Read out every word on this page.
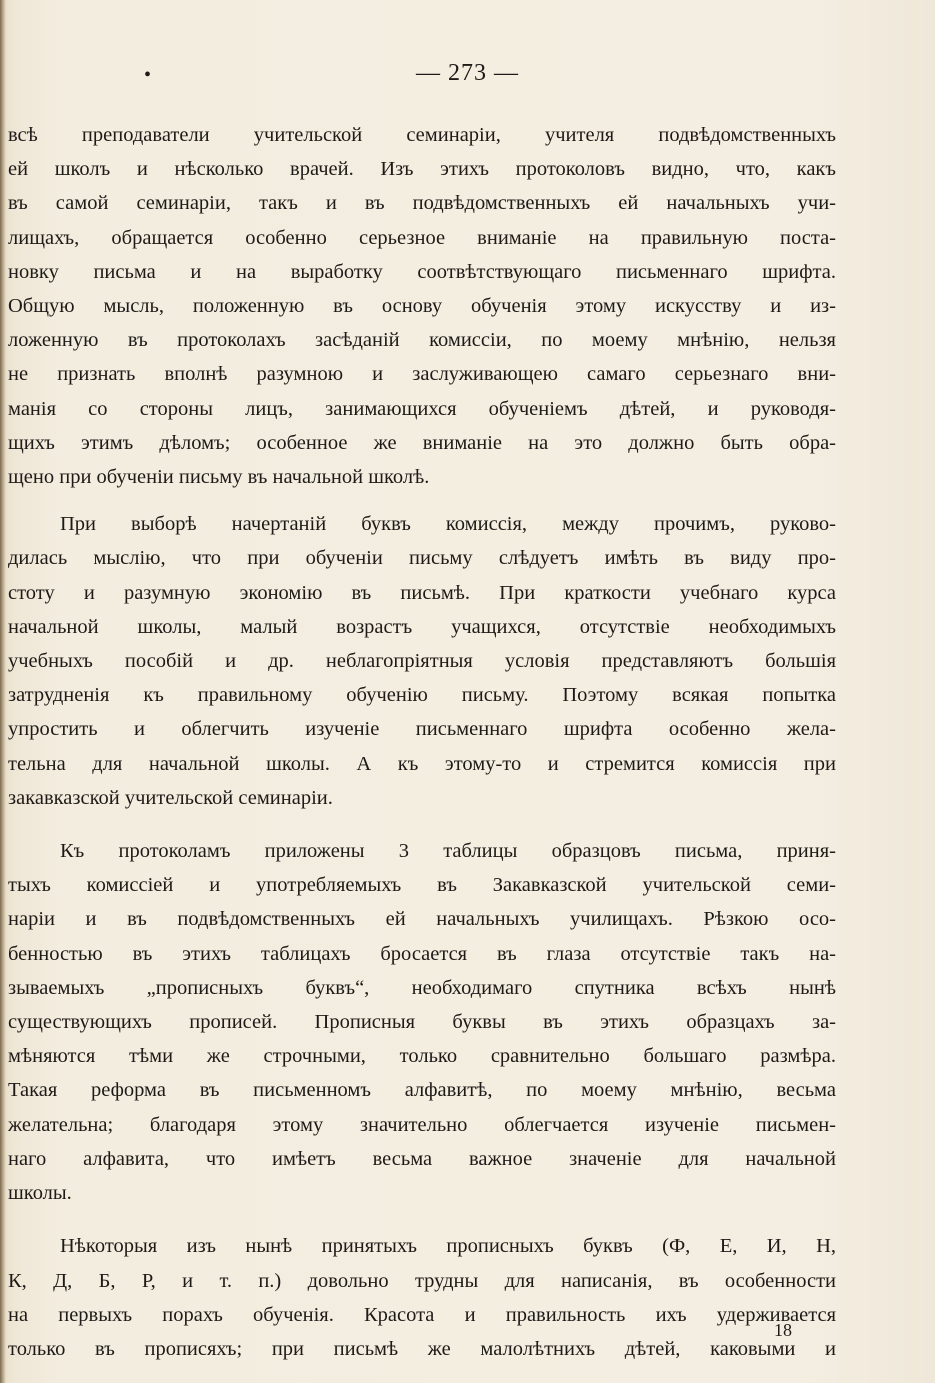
•	— 273 —
всѣ преподаватели учительской семинаріи, учителя подвѣдомственныхъ
ей школъ и нѣсколько врачей. Изъ этихъ протоколовъ видно, что, какъ
въ самой семинаріи, такъ и въ подвѣдомственныхъ ей начальныхъ учи-
лищахъ, обращается особенно серьезное вниманіе на правильную поста-
новку письма и на выработку соотвѣтствующаго письменнаго шрифта.
Общую мысль, положенную въ основу обученія этому искусству и из-
ложенную въ протоколахъ засѣданій комиссіи, по моему мнѣнію, нельзя
не признать вполнѣ разумною и заслуживающею самаго серьезнаго вни-
манія со стороны лицъ, занимающихся обученіемъ дѣтей, и руководя-
щихъ этимъ дѣломъ; особенное же вниманіе на это должно быть обра-
щено при обученіи письму въ начальной школѣ.
При выборѣ начертаній буквъ комиссія, между прочимъ, руково-
дилась мыслію, что при обученіи письму слѣдуетъ имѣть въ виду про-
стоту и разумную экономію въ письмѣ. При краткости учебнаго курса
начальной школы, малый возрастъ учащихся, отсутствіе необходимыхъ
учебныхъ пособій и др. неблагопріятныя условія представляютъ большія
затрудненія къ правильному обученію письму. Поэтому всякая попытка
упростить и облегчить изученіе письменнаго шрифта особенно жела-
тельна для начальной школы. А къ этому-то и стремится комиссія при
закавказской учительской семинаріи.
Къ протоколамъ приложены 3 таблицы образцовъ письма, приня-
тыхъ комиссіей и употребляемыхъ въ Закавказской учительской семи-
наріи и въ подвѣдомственныхъ ей начальныхъ училищахъ. Рѣзкою осо-
бенностью въ этихъ таблицахъ бросается въ глаза отсутствіе такъ на-
зываемыхъ „прописныхъ буквъ“, необходимаго спутника всѣхъ нынѣ
существующихъ прописей. Прописныя буквы въ этихъ образцахъ за-
мѣняются тѣми же строчными, только сравнительно большаго размѣра.
Такая реформа въ письменномъ алфавитѣ, по моему мнѣнію, весьма
желательна; благодаря этому значительно облегчается изученіе письмен-
наго алфавита, что имѣетъ весьма важное значеніе для начальной
школы.
Нѣкоторыя изъ нынѣ принятыхъ прописныхъ буквъ (Ф, Е, И, Н,
К, Д, Б, Р, и т. п.) довольно трудны для написанія, въ особенности
на первыхъ порахъ обученія. Красота и правильность ихъ удерживается
только въ прописяхъ; при письмѣ же малолѣтнихъ дѣтей, каковыми и
18
